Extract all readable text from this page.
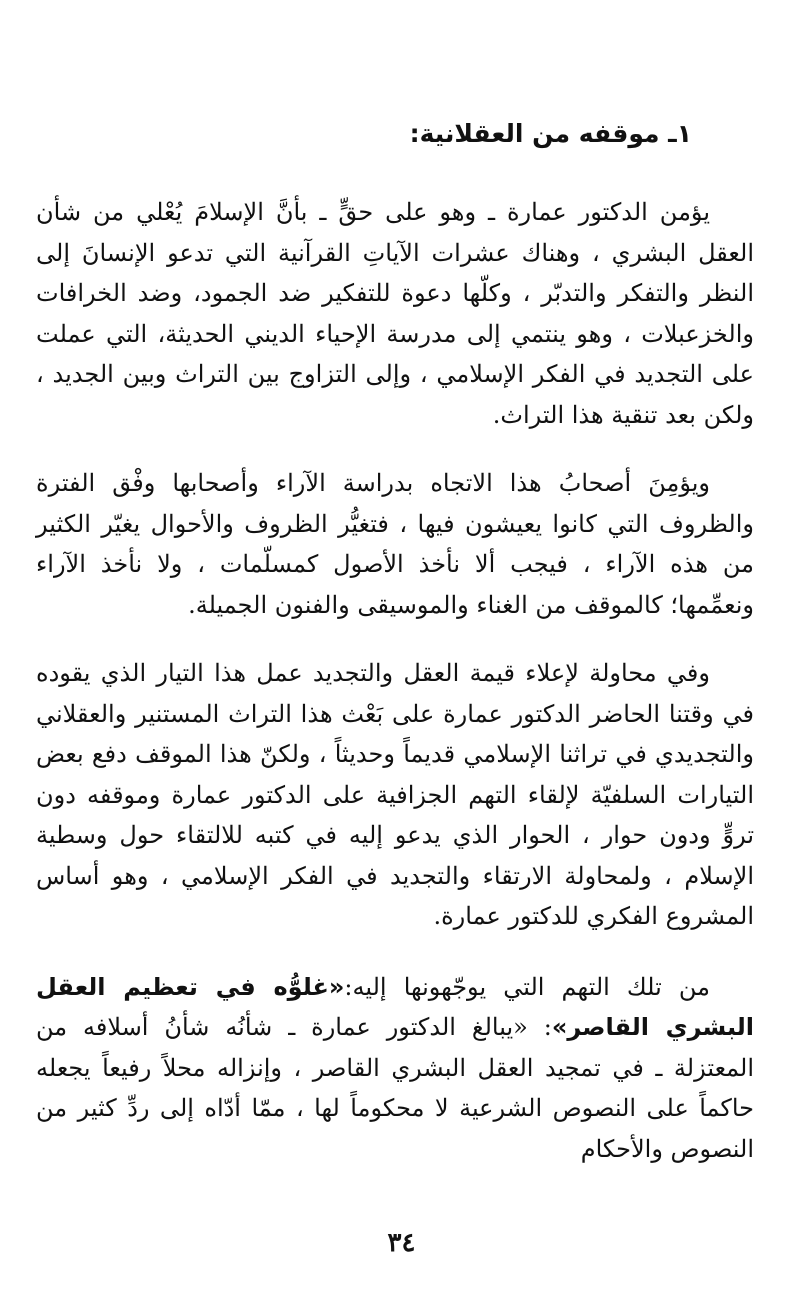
١ـ موقفه من العقلانية:

يؤمن الدكتور عمارة ـ وهو على حقٍّ ـ بأنَّ الإسلامَ يُعْلي من شأن العقل البشري ، وهناك عشرات الآياتِ القرآنية التي تدعو الإنسانَ إلى النظر والتفكر والتدبّر ، وكلّها دعوة للتفكير ضد الجمود، وضد الخرافات والخزعبلات ، وهو ينتمي إلى مدرسة الإحياء الديني الحديثة، التي عملت على التجديد في الفكر الإسلامي ، وإلى التزاوج بين التراث وبين الجديد ، ولكن بعد تنقية هذا التراث.

ويؤمِنَ أصحابُ هذا الاتجاه بدراسة الآراء وأصحابها وفْق الفترة والظروف التي كانوا يعيشون فيها ، فتغيُّر الظروف والأحوال يغيّر الكثير من هذه الآراء ، فيجب ألا نأخذ الأصول كمسلّمات ، ولا نأخذ الآراء ونعمِّمها؛ كالموقف من الغناء والموسيقى والفنون الجميلة.

وفي محاولة لإعلاء قيمة العقل والتجديد عمل هذا التيار الذي يقوده في وقتنا الحاضر الدكتور عمارة على بَعْث هذا التراث المستنير والعقلاني والتجديدي في تراثنا الإسلامي قديماً وحديثاً ، ولكنّ هذا الموقف دفع بعض التيارات السلفيّة لإلقاء التهم الجزافية على الدكتور عمارة وموقفه دون تروٍّ ودون حوار ، الحوار الذي يدعو إليه في كتبه للالتقاء حول وسطية الإسلام ، ولمحاولة الارتقاء والتجديد في الفكر الإسلامي ، وهو أساس المشروع الفكري للدكتور عمارة.

من تلك التهم التي يوجّهونها إليه:«غلوُّه في تعظيم العقل البشري القاصر»: «يبالغ الدكتور عمارة ـ شأنُه شأنُ أسلافه من المعتزلة ـ في تمجيد العقل البشري القاصر ، وإنزاله محلاً رفيعاً يجعله حاكماً على النصوص الشرعية لا محكوماً لها ، ممّا أدّاه إلى ردِّ كثير من النصوص والأحكام

٣٤
